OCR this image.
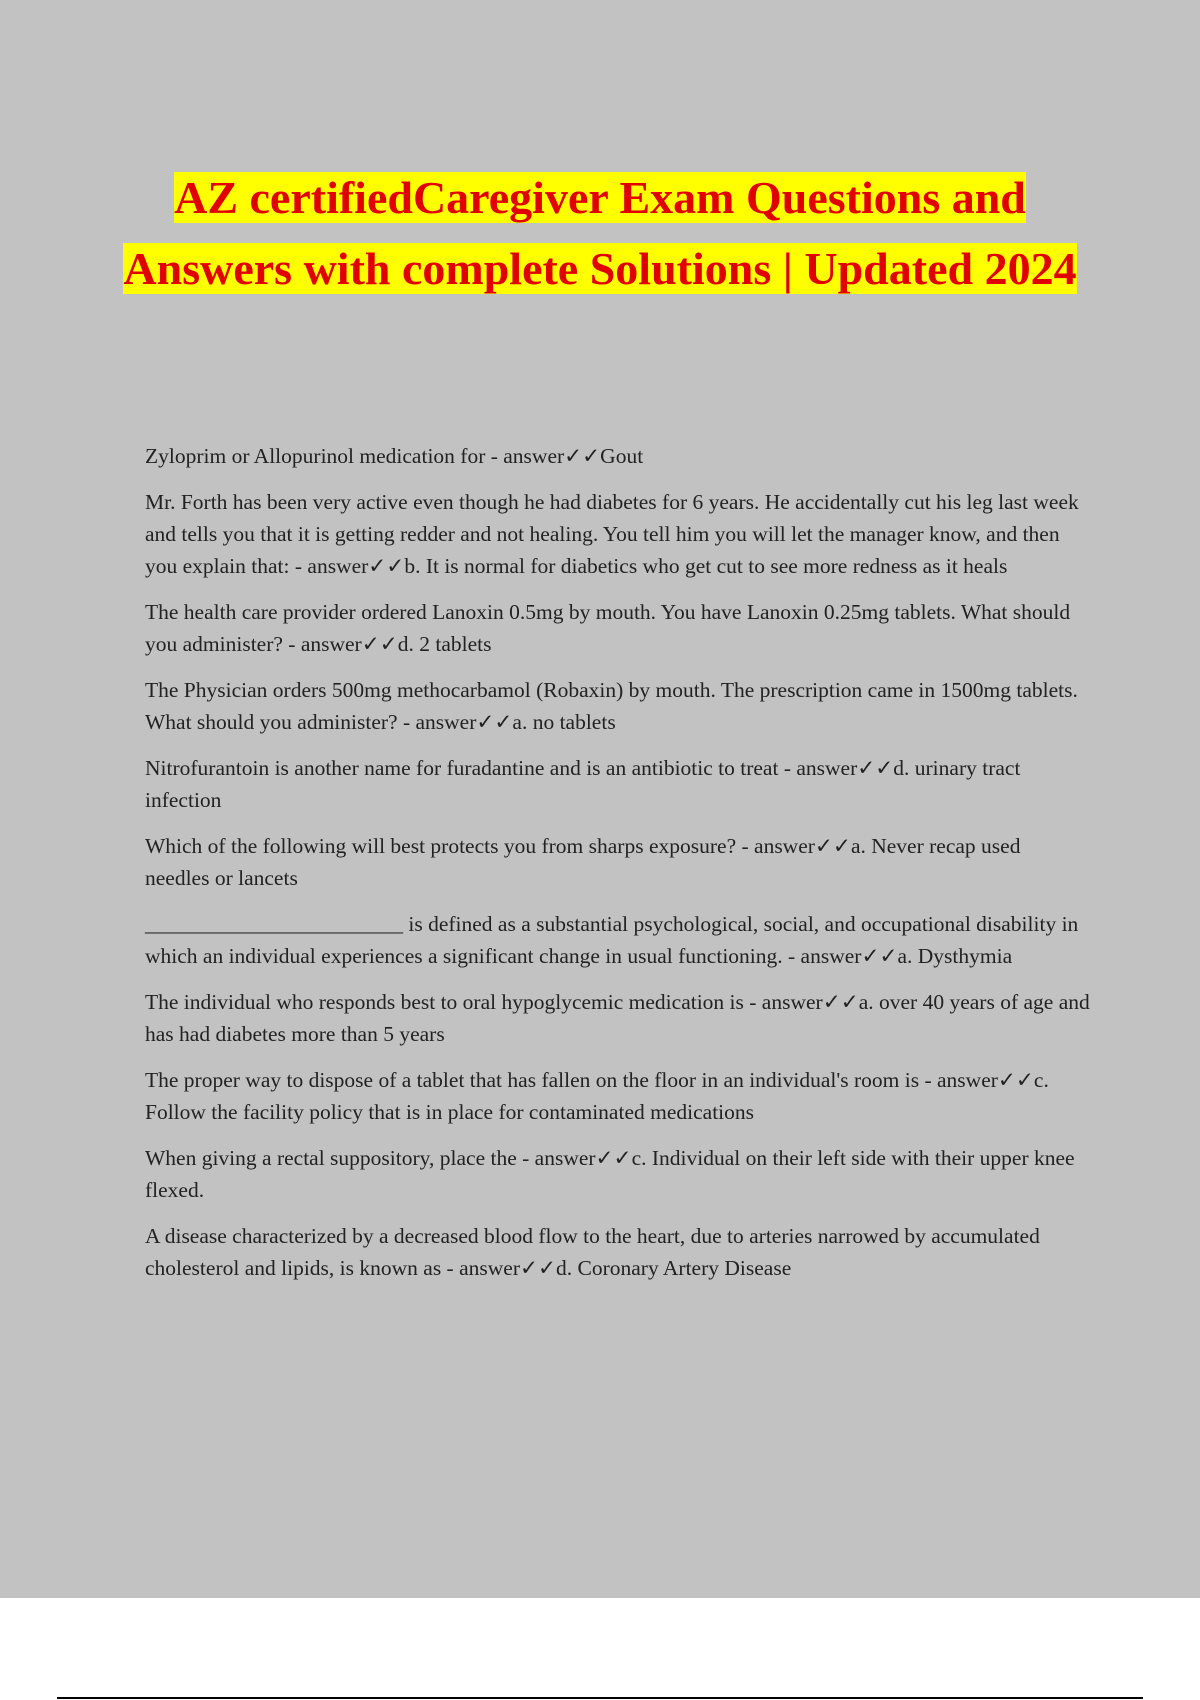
AZ certifiedCaregiver Exam Questions and Answers with complete Solutions | Updated 2024

Zyloprim or Allopurinol medication for - answer✓✓Gout

Mr. Forth has been very active even though he had diabetes for 6 years. He accidentally cut his leg last week and tells you that it is getting redder and not healing. You tell him you will let the manager know, and then you explain that: - answer✓✓b. It is normal for diabetics who get cut to see more redness as it heals

The health care provider ordered Lanoxin 0.5mg by mouth. You have Lanoxin 0.25mg tablets. What should you administer? - answer✓✓d. 2 tablets

The Physician orders 500mg methocarbamol (Robaxin) by mouth. The prescription came in 1500mg tablets. What should you administer? - answer✓✓a. no tablets

Nitrofurantoin is another name for furadantine and is an antibiotic to treat - answer✓✓d. urinary tract infection

Which of the following will best protects you from sharps exposure? - answer✓✓a. Never recap used needles or lancets

________________________ is defined as a substantial psychological, social, and occupational disability in which an individual experiences a significant change in usual functioning. - answer✓✓a. Dysthymia

The individual who responds best to oral hypoglycemic medication is - answer✓✓a. over 40 years of age and has had diabetes more than 5 years

The proper way to dispose of a tablet that has fallen on the floor in an individual's room is - answer✓✓c. Follow the facility policy that is in place for contaminated medications

When giving a rectal suppository, place the - answer✓✓c. Individual on their left side with their upper knee flexed.

A disease characterized by a decreased blood flow to the heart, due to arteries narrowed by accumulated cholesterol and lipids, is known as - answer✓✓d. Coronary Artery Disease
